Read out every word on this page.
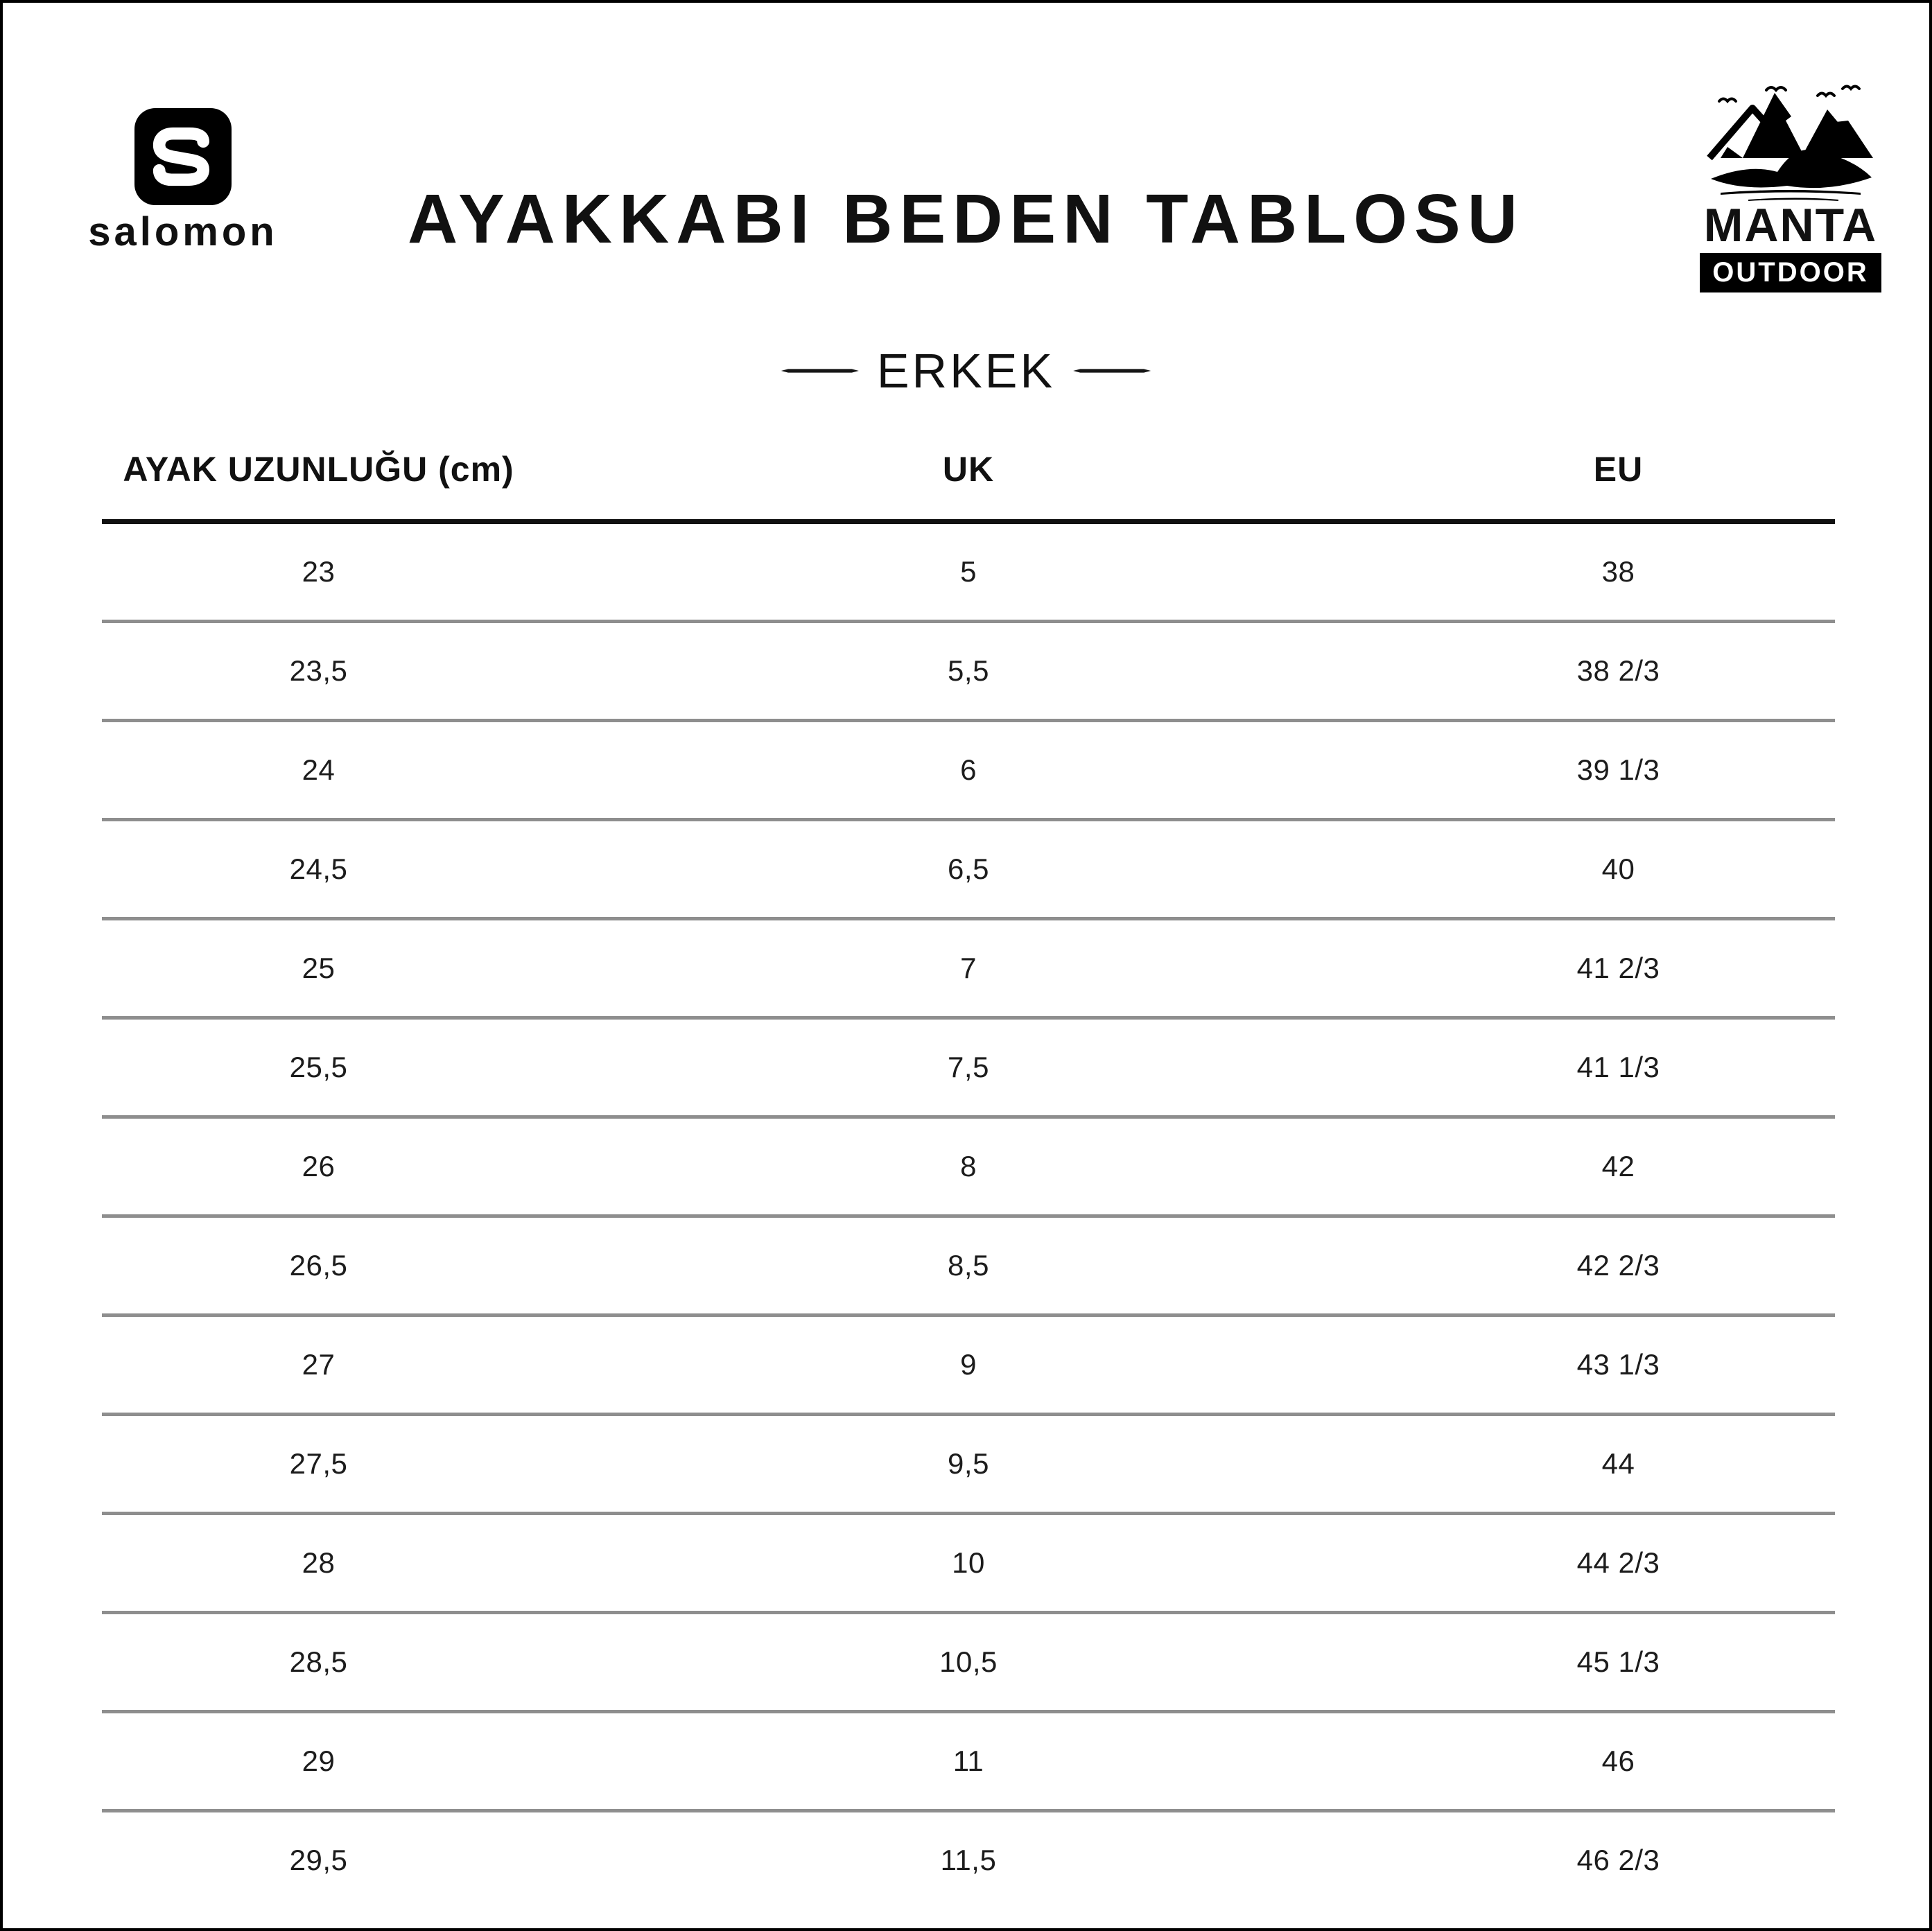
salomon	AYAKKABI BEDEN TABLOSU	MANTA
OUTDOOR
ERKEK
AYAK UZUNLUĞU (cm)	UK	EU
23	5	38
23,5	5,5	38 2/3
24	6	39 1/3
24,5	6,5	40
25	7	41 2/3
25,5	7,5	41 1/3
26	8	42
26,5	8,5	42 2/3
27	9	43 1/3
27,5	9,5	44
28	10	44 2/3
28,5	10,5	45 1/3
29	11	46
29,5	11,5	46 2/3
